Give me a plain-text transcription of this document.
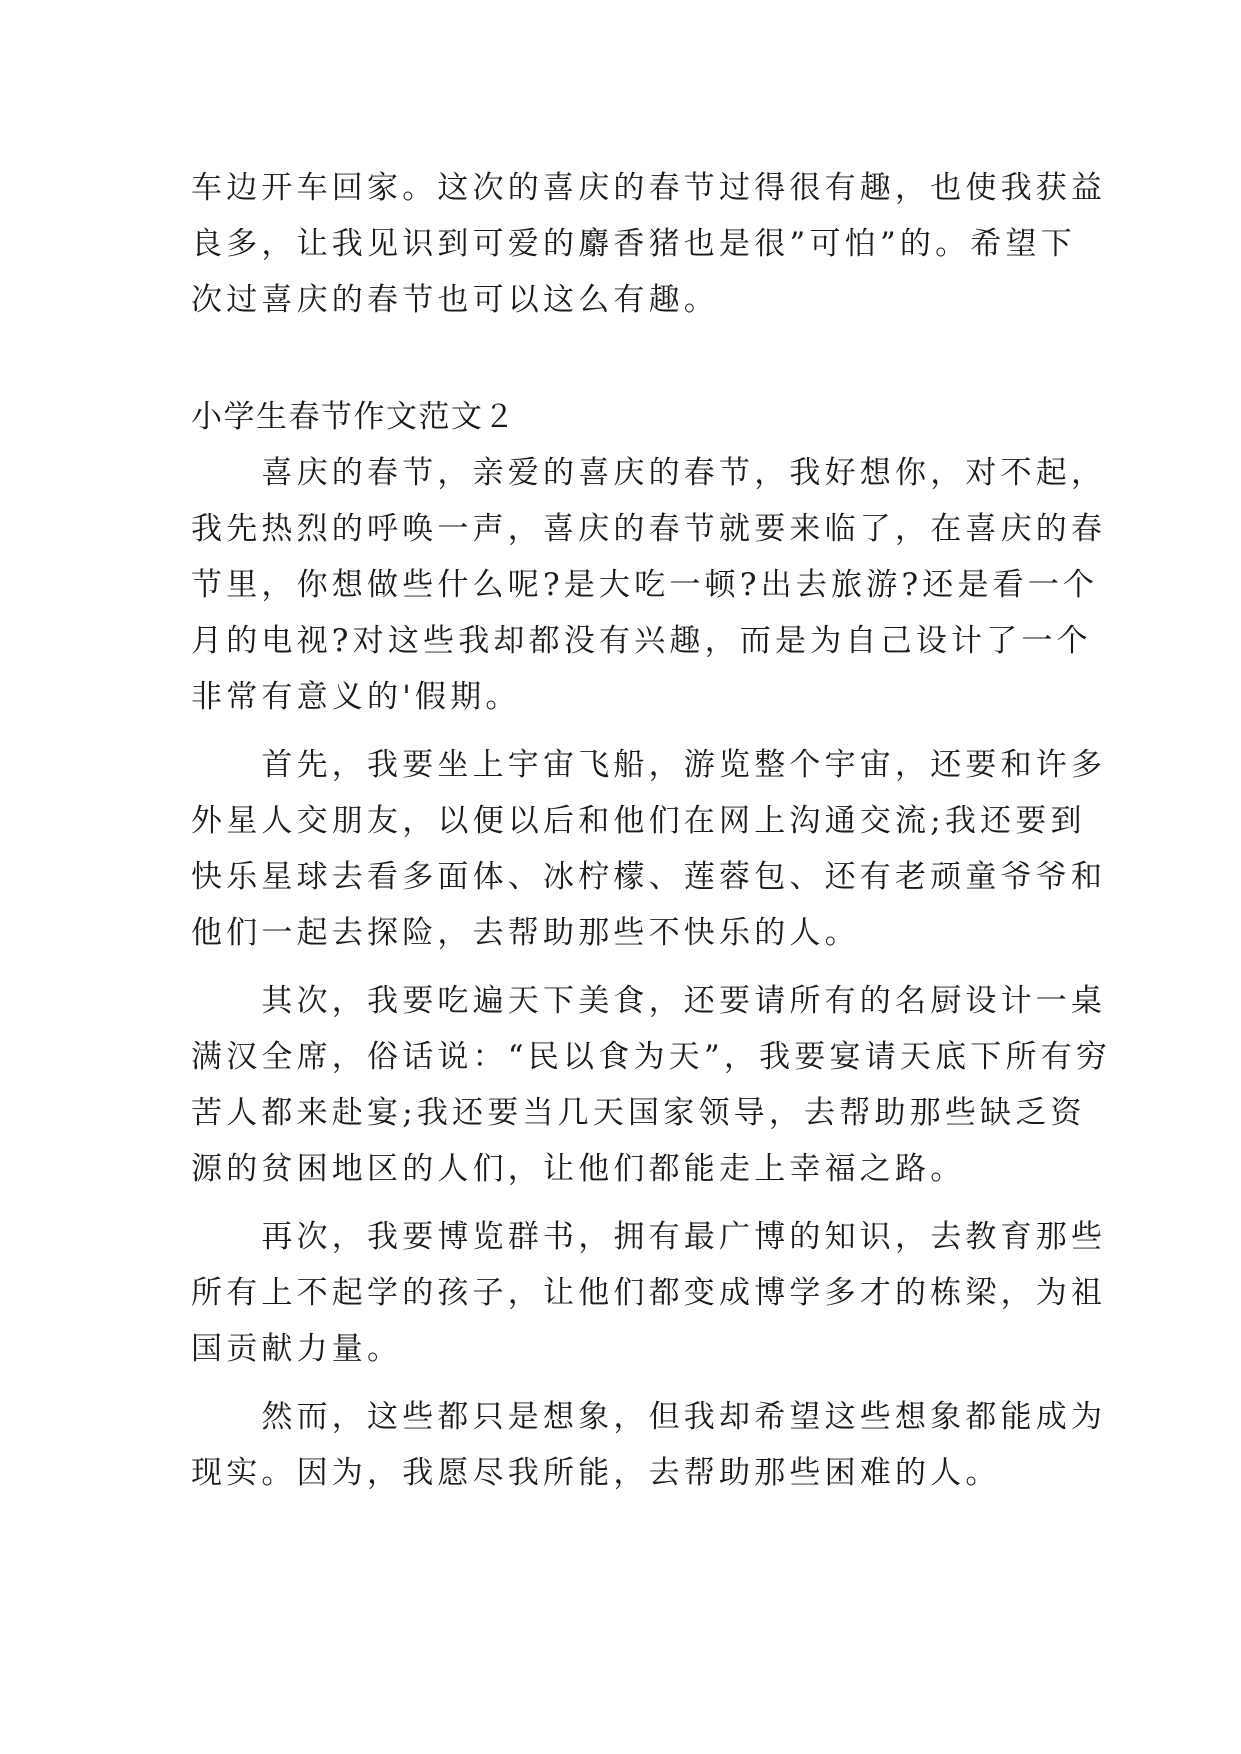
车边开车回家。这次的喜庆的春节过得很有趣，也使我获益

良多，让我见识到可爱的麝香猪也是很”可怕”的。希望下

次过喜庆的春节也可以这么有趣。

小学生春节作文范文２

　　喜庆的春节，亲爱的喜庆的春节，我好想你，对不起，

我先热烈的呼唤一声，喜庆的春节就要来临了，在喜庆的春

节里，你想做些什么呢?是大吃一顿?出去旅游?还是看一个

月的电视?对这些我却都没有兴趣，而是为自己设计了一个

非常有意义的'假期。

　　首先，我要坐上宇宙飞船，游览整个宇宙，还要和许多

外星人交朋友，以便以后和他们在网上沟通交流;我还要到

快乐星球去看多面体、冰柠檬、莲蓉包、还有老顽童爷爷和

他们一起去探险，去帮助那些不快乐的人。

　　其次，我要吃遍天下美食，还要请所有的名厨设计一桌

满汉全席，俗话说：“民以食为天”，我要宴请天底下所有穷

苦人都来赴宴;我还要当几天国家领导，去帮助那些缺乏资

源的贫困地区的人们，让他们都能走上幸福之路。

　　再次，我要博览群书，拥有最广博的知识，去教育那些

所有上不起学的孩子，让他们都变成博学多才的栋梁，为祖

国贡献力量。

　　然而，这些都只是想象，但我却希望这些想象都能成为

现实。因为，我愿尽我所能，去帮助那些困难的人。
